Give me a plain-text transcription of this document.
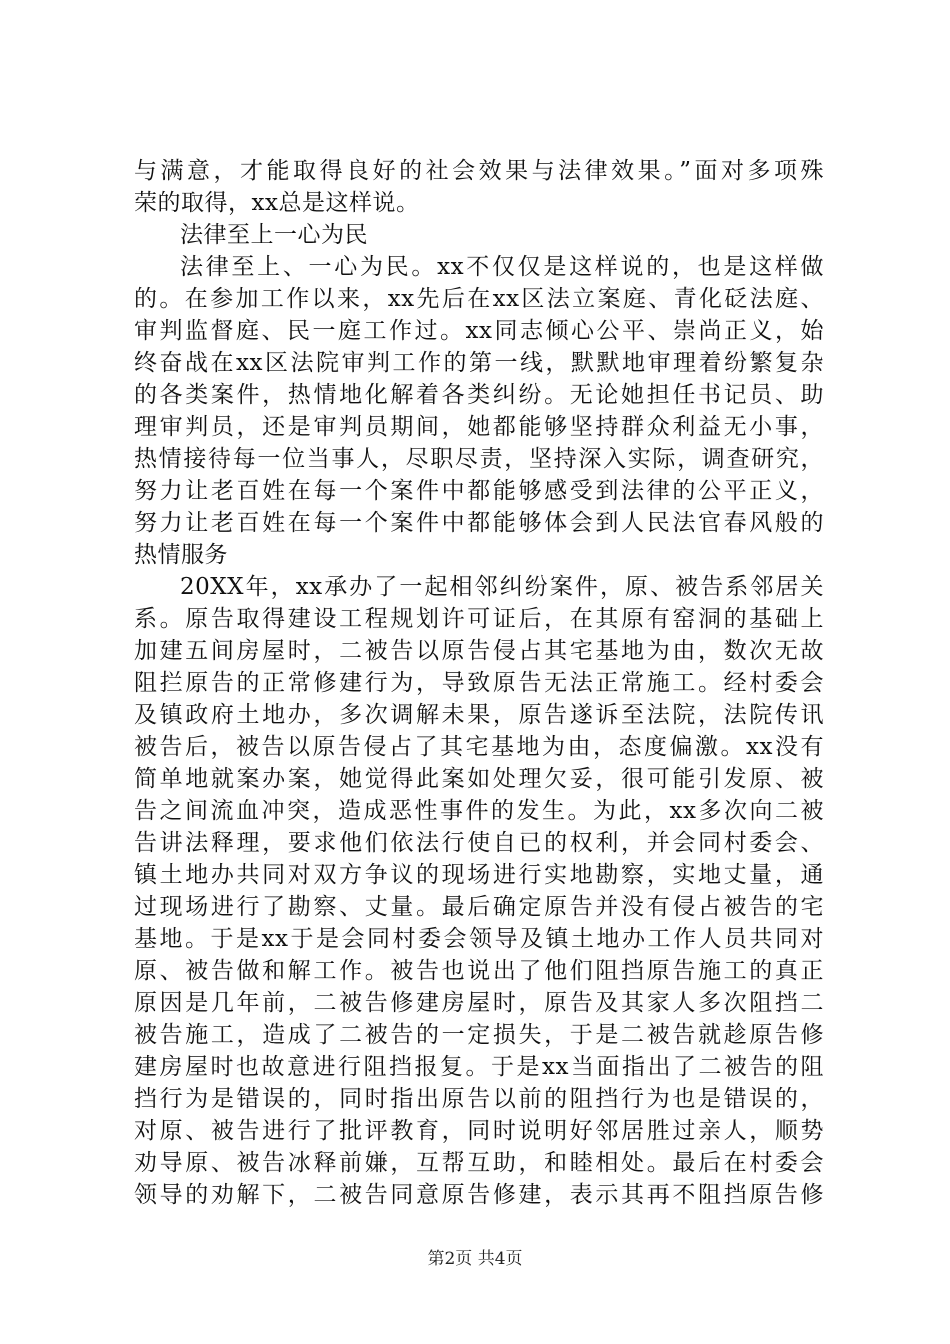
与满意，才能取得良好的社会效果与法律效果。”面对多项殊
荣的取得，xx总是这样说。
法律至上一心为民
法律至上、一心为民。xx不仅仅是这样说的，也是这样做
的。在参加工作以来，xx先后在xx区法立案庭、青化砭法庭、
审判监督庭、民一庭工作过。xx同志倾心公平、崇尚正义，始
终奋战在xx区法院审判工作的第一线，默默地审理着纷繁复杂
的各类案件，热情地化解着各类纠纷。无论她担任书记员、助
理审判员，还是审判员期间，她都能够坚持群众利益无小事，
热情接待每一位当事人，尽职尽责，坚持深入实际，调查研究，
努力让老百姓在每一个案件中都能够感受到法律的公平正义，
努力让老百姓在每一个案件中都能够体会到人民法官春风般的
热情服务
20XX年，xx承办了一起相邻纠纷案件，原、被告系邻居关
系。原告取得建设工程规划许可证后，在其原有窑洞的基础上
加建五间房屋时，二被告以原告侵占其宅基地为由，数次无故
阻拦原告的正常修建行为，导致原告无法正常施工。经村委会
及镇政府土地办，多次调解未果，原告遂诉至法院，法院传讯
被告后，被告以原告侵占了其宅基地为由，态度偏激。xx没有
简单地就案办案，她觉得此案如处理欠妥，很可能引发原、被
告之间流血冲突，造成恶性事件的发生。为此，xx多次向二被
告讲法释理，要求他们依法行使自已的权利，并会同村委会、
镇土地办共同对双方争议的现场进行实地勘察，实地丈量，通
过现场进行了勘察、丈量。最后确定原告并没有侵占被告的宅
基地。于是xx于是会同村委会领导及镇土地办工作人员共同对
原、被告做和解工作。被告也说出了他们阻挡原告施工的真正
原因是几年前，二被告修建房屋时，原告及其家人多次阻挡二
被告施工，造成了二被告的一定损失，于是二被告就趁原告修
建房屋时也故意进行阻挡报复。于是xx当面指出了二被告的阻
挡行为是错误的，同时指出原告以前的阻挡行为也是错误的，
对原、被告进行了批评教育，同时说明好邻居胜过亲人，顺势
劝导原、被告冰释前嫌，互帮互助，和睦相处。最后在村委会
领导的劝解下，二被告同意原告修建，表示其再不阻挡原告修
第2页 共4页
